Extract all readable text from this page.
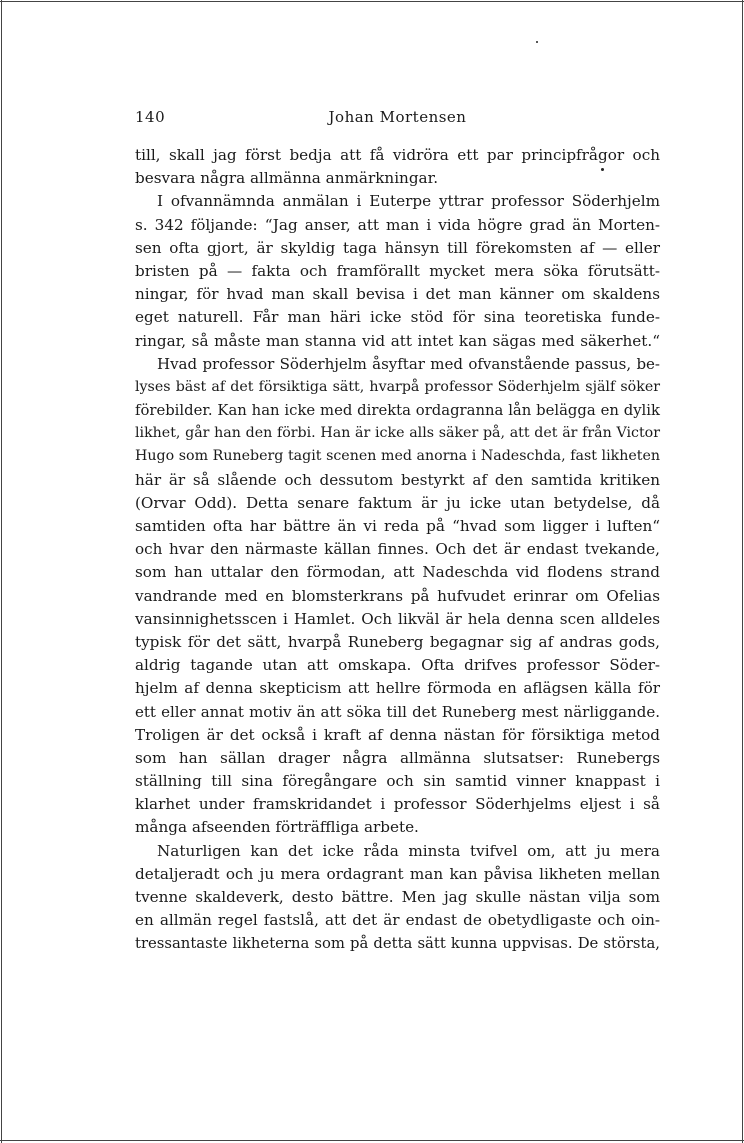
140	Johan Mortensen
till, skall jag först bedja att få vidröra ett par principfrågor och
besvara några allmänna anmärkningar.
I ofvannämnda anmälan i Euterpe yttrar professor Söderhjelm
s. 342 följande: “Jag anser, att man i vida högre grad än Morten-
sen ofta gjort, är skyldig taga hänsyn till förekomsten af — eller
bristen på — fakta och framförallt mycket mera söka förutsätt-
ningar, för hvad man skall bevisa i det man känner om skaldens
eget naturell. Får man häri icke stöd för sina teoretiska funde-
ringar, så måste man stanna vid att intet kan sägas med säkerhet.“
Hvad professor Söderhjelm åsyftar med ofvanstående passus, be-
lyses bäst af det försiktiga sätt, hvarpå professor Söderhjelm själf söker
förebilder. Kan han icke med direkta ordagranna lån belägga en dylik
likhet, går han den förbi. Han är icke alls säker på, att det är från Victor
Hugo som Runeberg tagit scenen med anorna i Nadeschda, fast likheten
här är så slående och dessutom bestyrkt af den samtida kritiken
(Orvar Odd). Detta senare faktum är ju icke utan betydelse, då
samtiden ofta har bättre än vi reda på “hvad som ligger i luften“
och hvar den närmaste källan finnes. Och det är endast tvekande,
som han uttalar den förmodan, att Nadeschda vid flodens strand
vandrande med en blomsterkrans på hufvudet erinrar om Ofelias
vansinnighetsscen i Hamlet. Och likväl är hela denna scen alldeles
typisk för det sätt, hvarpå Runeberg begagnar sig af andras gods,
aldrig tagande utan att omskapa. Ofta drifves professor Söder-
hjelm af denna skepticism att hellre förmoda en aflägsen källa för
ett eller annat motiv än att söka till det Runeberg mest närliggande.
Troligen är det också i kraft af denna nästan för försiktiga metod
som han sällan drager några allmänna slutsatser: Runebergs
ställning till sina föregångare och sin samtid vinner knappast i
klarhet under framskridandet i professor Söderhjelms eljest i så
många afseenden förträffliga arbete.
Naturligen kan det icke råda minsta tvifvel om, att ju mera
detaljeradt och ju mera ordagrant man kan påvisa likheten mellan
tvenne skaldeverk, desto bättre. Men jag skulle nästan vilja som
en allmän regel fastslå, att det är endast de obetydligaste och oin-
tressantaste likheterna som på detta sätt kunna uppvisas. De största,
